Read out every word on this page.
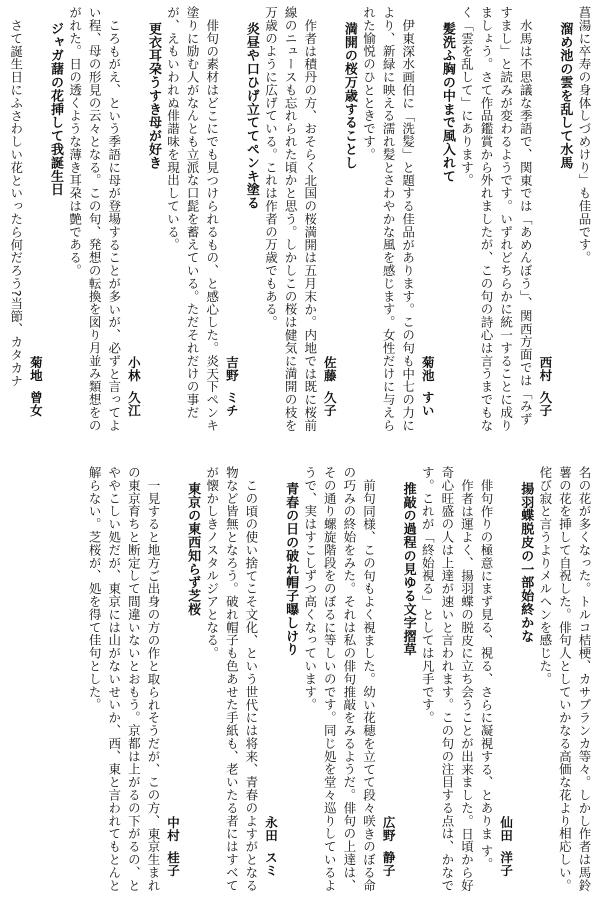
菖湯に卒寿の身体しづめけり」も佳品です。

溜め池の雲を乱して水馬

西村久子

水馬は不思議な季語で、関東では「あめんぼう」、関西方面では「みずすまし」と読みが変わるようです。いずれどちらかに統一することに成りましょう。さて作品鑑賞から外れましたが、この句の詩心は言うまでもなく「雲を乱して」にあります。

髪洗ふ胸の中まで風入れて

菊池すい

伊東深水画伯に「洗髪」と題する佳品があります。この句も中七の力により、新緑に映える濡れ髪とさわやかな風を感じます。女性だけに与えられた愉悦のひとときです。

満開の桜万歳することし

佐藤久子

作者は積丹の方、おそらく北国の桜満開は五月末か。内地では既に桜前線のニュースも忘れられた頃かと思う。しかしこの桜は健気に満開の枝を万歳のように広げている。これは作者の万歳でもある。

炎昼や口ひげ立ててペンキ塗る

吉野ミチ

俳句の素材はどこにでも見つけられるもの、と感心した。炎天下ペンキ塗りに励む人がなんとも立派な口髭を蓄えている。ただそれだけの事だが、えもいわれぬ俳諧味を現出している。

更衣耳朶うすき母が好き

小林久江

ころもがえ、という季語に母が登場することが多いが、必ずと言ってよい程、母の形見の云々となる。この句、発想の転換を図り月並み類想をのがれた。日の透くような薄き耳朶は艶である。

ジャガ藷の花挿して我誕生日

菊地曾女

さて誕生日にふさわしい花といったら何だろう?当節、カタカナ

名の花が多くなった。トルコ桔梗、カサブランカ等々。しかし作者は馬鈴薯の花を挿して自祝した。俳句人としていかなる高価な花より相応しい。侘び寂と言うよりメルヘンを感じた。

揚羽蝶脱皮の一部始終かな

仙田洋子

俳句作りの極意にまず見る、視る、さらに凝視する、とありま す。

作者は運よく、揚羽蝶の脱皮に立ち会うことが出来ました。日頃から好奇心旺盛の人は上達が速いと言われます。この句の注目する点は、かなです。これが「終始視る」としては凡手です。

推敲の過程の見ゆる文字摺草

広野静子

前句同様、この句もよく視ました。幼い花穂を立てて段々咲きのぼる命の巧みの終始をみた。それは私の俳句推敲をみるようだ。俳句の上達は、その通り螺旋階段をのぼるに等しいのです。同じ処を堂々巡りしているようで、実はすこしずつ高くなっています。

青春の日の破れ帽子曝しけり

永田スミ

この頃の使い捨てこそ文化、という世代には将来、青春のよすがとなる物など皆無となろう。破れ帽子も色あせた手紙も、老いたる者にはすべてが懐かしきノスタルジアとなる。

東京の東西知らず芝桜

中村桂子

一見すると地方ご出身の方の作と取られそうだが、この方、東京生まれの東京育ちと断定して間違いないとおもう。京都は上がるの下がるの、とややこしい処だが、東京には山がないせいか、西、東と言われてもとんと解らない。芝桜が、処を得て佳句とした。
